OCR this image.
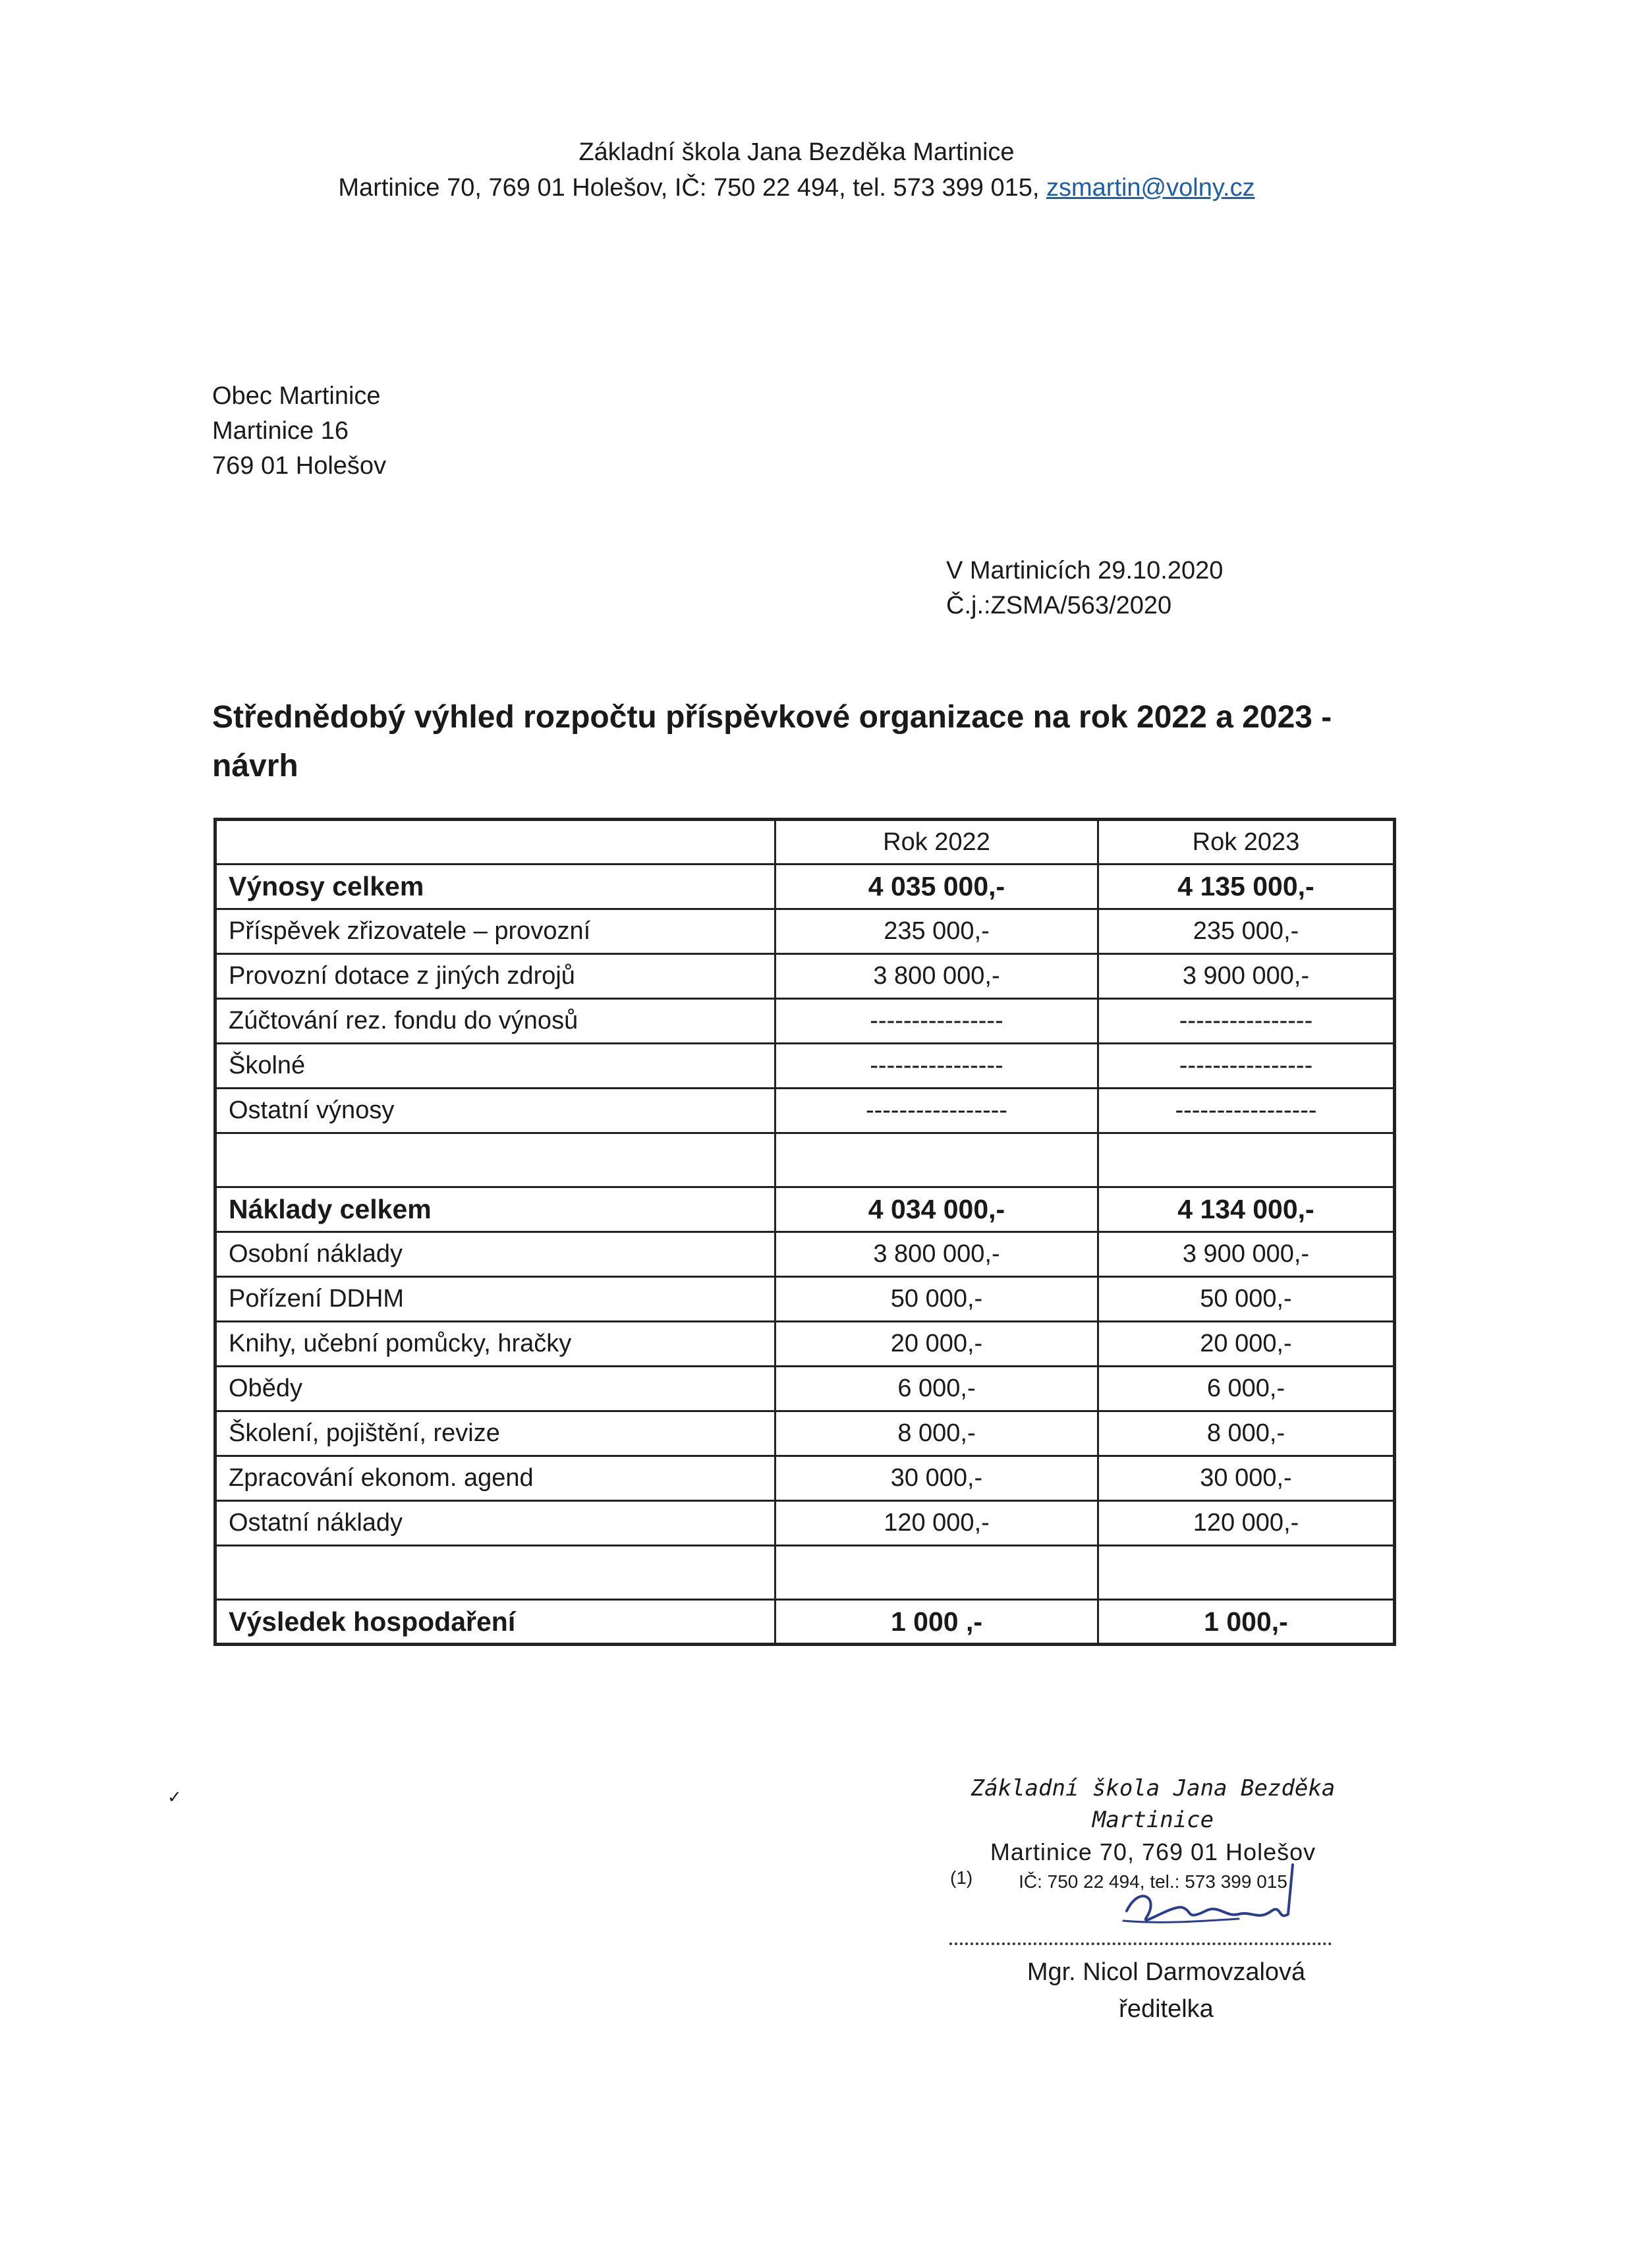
Základní škola Jana Bezděka Martinice
Martinice 70, 769 01 Holešov, IČ: 750 22 494, tel. 573 399 015, zsmartin@volny.cz
Obec Martinice
Martinice 16
769 01 Holešov
V Martinicích 29.10.2020
Č.j.:ZSMA/563/2020
Střednědobý výhled rozpočtu příspěvkové organizace na rok 2022 a 2023 - návrh
	Rok 2022	Rok 2023
Výnosy celkem	4 035 000,-	4 135 000,-
Příspěvek zřizovatele – provozní	235 000,-	235 000,-
Provozní dotace z jiných zdrojů	3 800 000,-	3 900 000,-
Zúčtování rez. fondu do výnosů	----------------	----------------
Školné	----------------	----------------
Ostatní výnosy	-----------------	-----------------

Náklady celkem	4 034 000,-	4 134 000,-
Osobní náklady	3 800 000,-	3 900 000,-
Pořízení DDHM	50 000,-	50 000,-
Knihy, učební pomůcky, hračky	20 000,-	20 000,-
Obědy	6 000,-	6 000,-
Školení, pojištění, revize	8 000,-	8 000,-
Zpracování ekonom. agend	30 000,-	30 000,-
Ostatní náklady	120 000,-	120 000,-

Výsledek hospodaření	1 000 ,-	1 000,-
✓	Základní škola Jana Bezděka Martinice
Martinice 70, 769 01 Holešov
IČ: 750 22 494, tel.: 573 399 015
(1)
Mgr. Nicol Darmovzalová
ředitelka
